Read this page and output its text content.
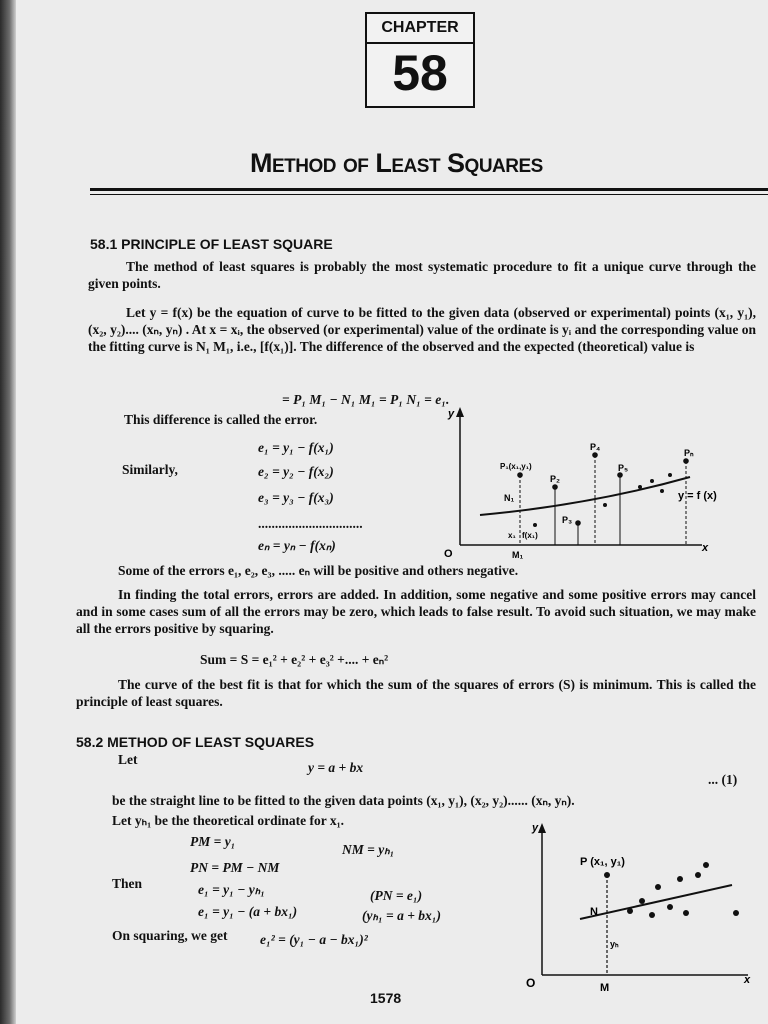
CHAPTER
58
Method of Least Squares
58.1 PRINCIPLE OF LEAST SQUARE
The method of least squares is probably the most systematic procedure to fit a unique curve through the given points.
Let y = f(x) be the equation of curve to be fitted to the given data (observed or experimental) points (x₁, y₁), (x₂, y₂).... (xₙ, yₙ) . At x = xᵢ, the observed (or experimental) value of the ordinate is yᵢ and the corresponding value on the fitting curve is N₁ M₁, i.e., [f(x₁)]. The difference of the observed and the expected (theoretical) value is
= P₁ M₁ − N₁ M₁ = P₁ N₁ = e₁.
This difference is called the error.
e₁ = y₁ − f(x₁)
Similarly,	e₂ = y₂ − f(x₂)
e₃ = y₃ − f(x₃)
...............................
eₙ = yₙ − f(xₙ)
O
y
x
y = f (x)
P₁(x₁,y₁)
P₂
P₃
P₄
P₅
Pₙ
N₁
x₁ f(x₁)
M₁
Some of the errors e₁, e₂, e₃, ..... eₙ will be positive and others negative.
In finding the total errors, errors are added. In addition, some negative and some positive errors may cancel and in some cases sum of all the errors may be zero, which leads to false result. To avoid such situation, we may make all the errors positive by squaring.
Sum = S = e₁² + e₂² + e₃² +.... + eₙ²
The curve of the best fit is that for which the sum of the squares of errors (S) is minimum. This is called the principle of least squares.
58.2 METHOD OF LEAST SQUARES
Let
y = a + bx
... (1)
be the straight line to be fitted to the given data points (x₁, y₁), (x₂, y₂)...... (xₙ, yₙ).
Let yₕ₁ be the theoretical ordinate for x₁.
PM = y₁
NM = yₕ₁
PN = PM − NM
Then	e₁ = y₁ − yₕ₁	(PN = e₁)
e₁ = y₁ − (a + bx₁)	(yₕ₁ = a + bx₁)
On squaring, we get e₁² = (y₁ − a − bx₁)²
O
y
x
P (x₁, y₁)
N
yₕ
M
1578
